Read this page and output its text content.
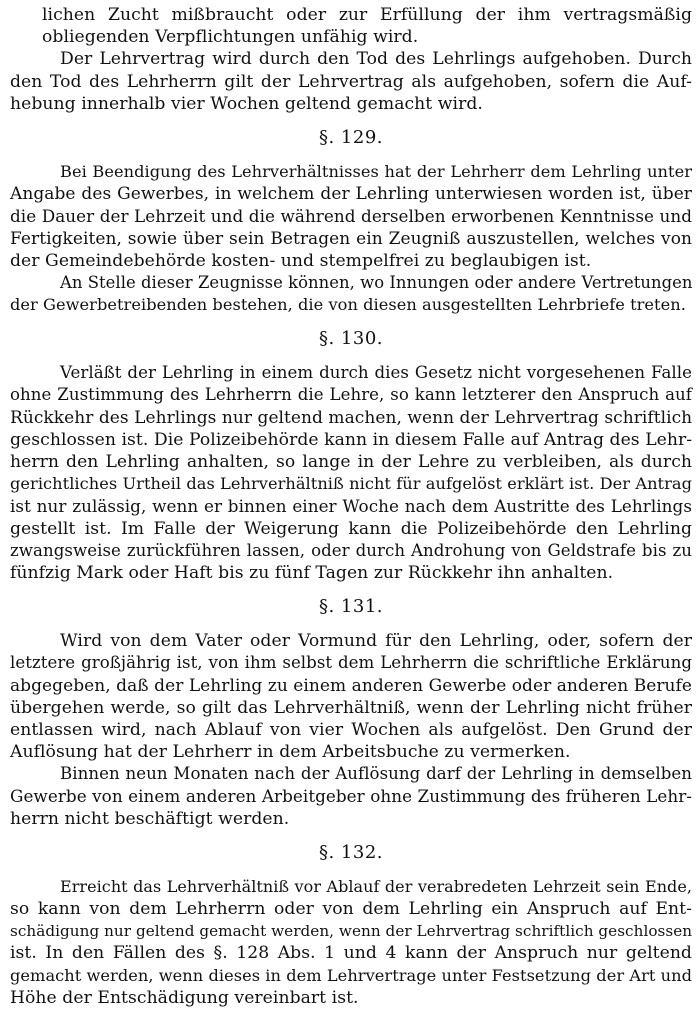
lichen Zucht mißbraucht oder zur Erfüllung der ihm vertragsmäßig
obliegenden Verpflichtungen unfähig wird.
Der Lehrvertrag wird durch den Tod des Lehrlings aufgehoben. Durch
den Tod des Lehrherrn gilt der Lehrvertrag als aufgehoben, sofern die Auf-
hebung innerhalb vier Wochen geltend gemacht wird.
§. 129.
Bei Beendigung des Lehrverhältnisses hat der Lehrherr dem Lehrling unter
Angabe des Gewerbes, in welchem der Lehrling unterwiesen worden ist, über
die Dauer der Lehrzeit und die während derselben erworbenen Kenntnisse und
Fertigkeiten, sowie über sein Betragen ein Zeugniß auszustellen, welches von
der Gemeindebehörde kosten- und stempelfrei zu beglaubigen ist.
An Stelle dieser Zeugnisse können, wo Innungen oder andere Vertretungen
der Gewerbetreibenden bestehen, die von diesen ausgestellten Lehrbriefe treten.
§. 130.
Verläßt der Lehrling in einem durch dies Gesetz nicht vorgesehenen Falle
ohne Zustimmung des Lehrherrn die Lehre, so kann letzterer den Anspruch auf
Rückkehr des Lehrlings nur geltend machen, wenn der Lehrvertrag schriftlich
geschlossen ist. Die Polizeibehörde kann in diesem Falle auf Antrag des Lehr-
herrn den Lehrling anhalten, so lange in der Lehre zu verbleiben, als durch
gerichtliches Urtheil das Lehrverhältniß nicht für aufgelöst erklärt ist. Der Antrag
ist nur zulässig, wenn er binnen einer Woche nach dem Austritte des Lehrlings
gestellt ist. Im Falle der Weigerung kann die Polizeibehörde den Lehrling
zwangsweise zurückführen lassen, oder durch Androhung von Geldstrafe bis zu
fünfzig Mark oder Haft bis zu fünf Tagen zur Rückkehr ihn anhalten.
§. 131.
Wird von dem Vater oder Vormund für den Lehrling, oder, sofern der
letztere großjährig ist, von ihm selbst dem Lehrherrn die schriftliche Erklärung
abgegeben, daß der Lehrling zu einem anderen Gewerbe oder anderen Berufe
übergehen werde, so gilt das Lehrverhältniß, wenn der Lehrling nicht früher
entlassen wird, nach Ablauf von vier Wochen als aufgelöst. Den Grund der
Auflösung hat der Lehrherr in dem Arbeitsbuche zu vermerken.
Binnen neun Monaten nach der Auflösung darf der Lehrling in demselben
Gewerbe von einem anderen Arbeitgeber ohne Zustimmung des früheren Lehr-
herrn nicht beschäftigt werden.
§. 132.
Erreicht das Lehrverhältniß vor Ablauf der verabredeten Lehrzeit sein Ende,
so kann von dem Lehrherrn oder von dem Lehrling ein Anspruch auf Ent-
schädigung nur geltend gemacht werden, wenn der Lehrvertrag schriftlich geschlossen
ist. In den Fällen des §. 128 Abs. 1 und 4 kann der Anspruch nur geltend
gemacht werden, wenn dieses in dem Lehrvertrage unter Festsetzung der Art und
Höhe der Entschädigung vereinbart ist.
